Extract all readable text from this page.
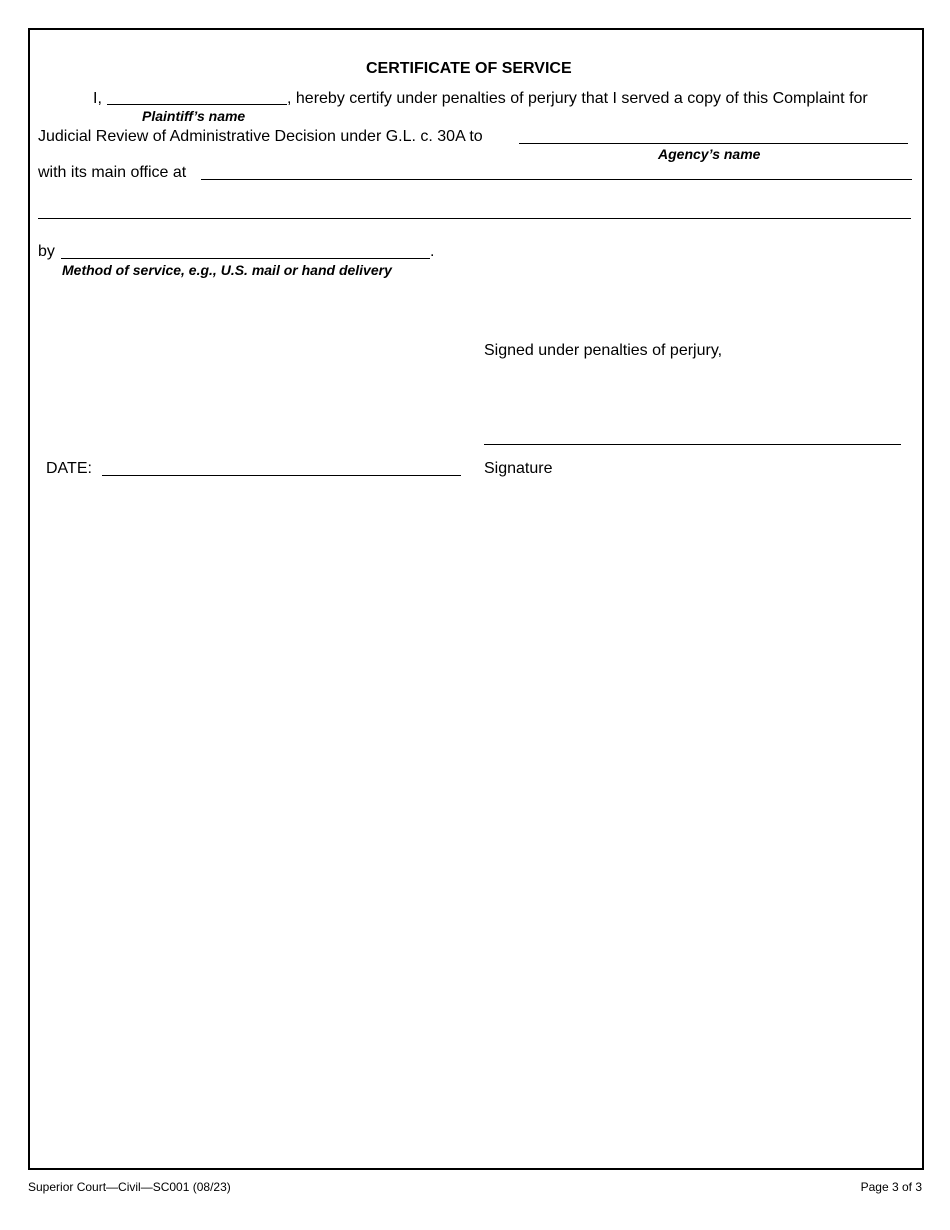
CERTIFICATE OF SERVICE
I,	, hereby certify under penalties of perjury that I served a copy of this Complaint for
Plaintiff’s name
Judicial Review of Administrative Decision under G.L. c. 30A to
Agency’s name
with its main office at
by	.
Method of service, e.g., U.S. mail or hand delivery
Signed under penalties of perjury,
Signature
DATE:
Superior Court—Civil—SC001 (08/23)	Page 3 of 3
